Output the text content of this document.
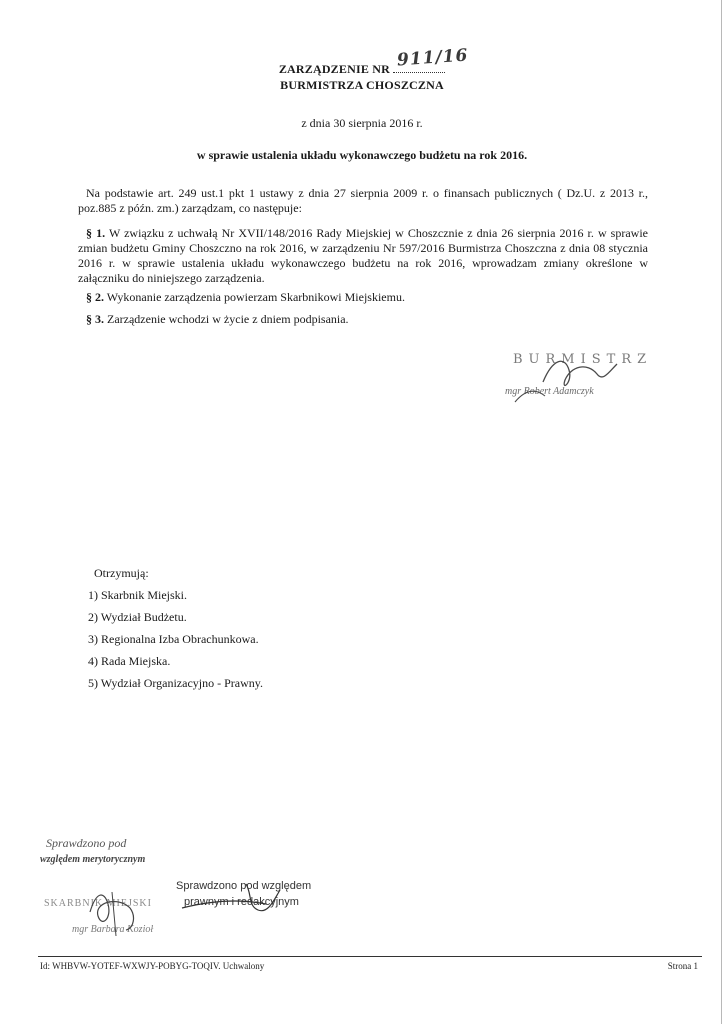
ZARZĄDZENIE NR 911/16
BURMISTRZA CHOSZCZNA
z dnia 30 sierpnia 2016 r.
w sprawie ustalenia układu wykonawczego budżetu na rok 2016.
Na podstawie art. 249 ust.1 pkt 1 ustawy z dnia 27 sierpnia 2009 r. o finansach publicznych ( Dz.U. z 2013 r., poz.885 z późn. zm.) zarządzam, co następuje:
§ 1. W związku z uchwałą Nr XVII/148/2016 Rady Miejskiej w Choszcznie z dnia 26 sierpnia 2016 r. w sprawie zmian budżetu Gminy Choszczno na rok 2016, w zarządzeniu Nr 597/2016 Burmistrza Choszczna z dnia 08 stycznia 2016 r. w sprawie ustalenia układu wykonawczego budżetu na rok 2016, wprowadzam zmiany określone w załączniku do niniejszego zarządzenia.
§ 2. Wykonanie zarządzenia powierzam Skarbnikowi Miejskiemu.
§ 3. Zarządzenie wchodzi w życie z dniem podpisania.
BURMISTRZ
mgr Robert Adamczyk
Otrzymują:
1) Skarbnik Miejski.
2) Wydział Budżetu.
3) Regionalna Izba Obrachunkowa.
4) Rada Miejska.
5) Wydział Organizacyjno - Prawny.
Sprawdzono pod
względem merytorycznym
SKARBNIK MIEJSKI
mgr Barbara Kozioł
Sprawdzono pod względem
prawnym i redakcyjnym
Id: WHBVW-YOTEF-WXWJY-POBYG-TOQIV. Uchwalony	Strona 1
